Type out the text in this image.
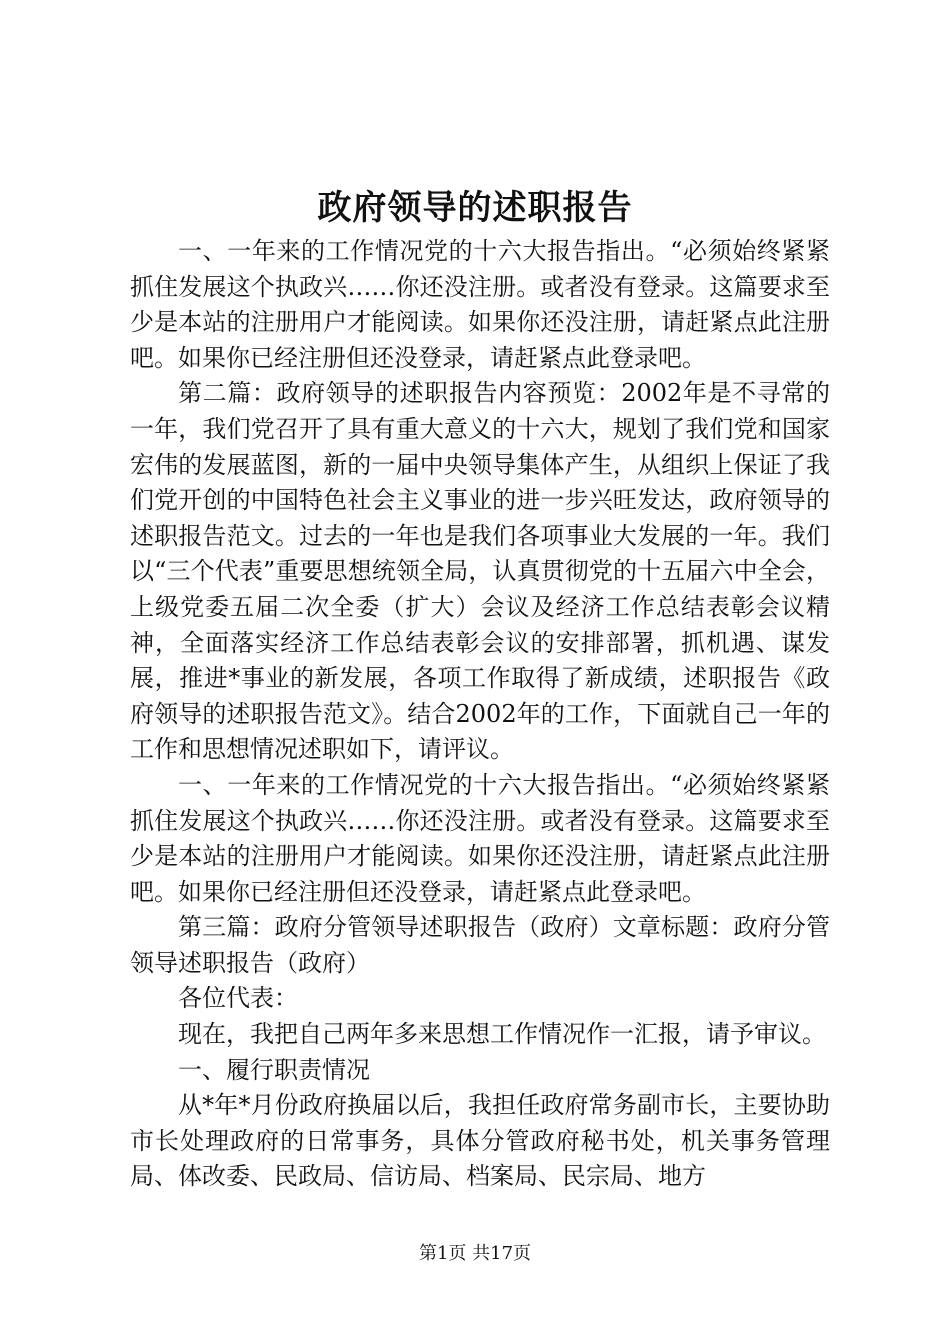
政府领导的述职报告

一、一年来的工作情况党的十六大报告指出。“必须始终紧紧抓住发展这个执政兴……你还没注册。或者没有登录。这篇要求至少是本站的注册用户才能阅读。如果你还没注册，请赶紧点此注册吧。如果你已经注册但还没登录，请赶紧点此登录吧。

第二篇：政府领导的述职报告内容预览：2002年是不寻常的一年，我们党召开了具有重大意义的十六大，规划了我们党和国家宏伟的发展蓝图，新的一届中央领导集体产生，从组织上保证了我们党开创的中国特色社会主义事业的进一步兴旺发达，政府领导的述职报告范文。过去的一年也是我们各项事业大发展的一年。我们以“三个代表”重要思想统领全局，认真贯彻党的十五届六中全会，上级党委五届二次全委（扩大）会议及经济工作总结表彰会议精神，全面落实经济工作总结表彰会议的安排部署，抓机遇、谋发展，推进*事业的新发展，各项工作取得了新成绩，述职报告《政府领导的述职报告范文》。结合2002年的工作，下面就自己一年的工作和思想情况述职如下，请评议。

一、一年来的工作情况党的十六大报告指出。“必须始终紧紧抓住发展这个执政兴……你还没注册。或者没有登录。这篇要求至少是本站的注册用户才能阅读。如果你还没注册，请赶紧点此注册吧。如果你已经注册但还没登录，请赶紧点此登录吧。

第三篇：政府分管领导述职报告（政府）文章标题：政府分管领导述职报告（政府）

各位代表：

现在，我把自己两年多来思想工作情况作一汇报，请予审议。

一、履行职责情况

从*年*月份政府换届以后，我担任政府常务副市长，主要协助市长处理政府的日常事务，具体分管政府秘书处，机关事务管理局、体改委、民政局、信访局、档案局、民宗局、地方

第1页 共17页
